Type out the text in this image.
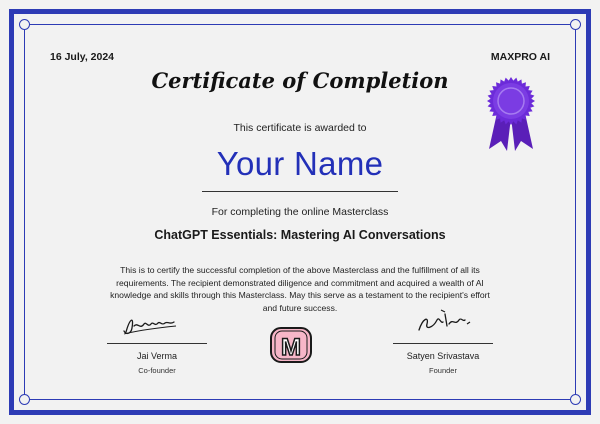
16 July, 2024	MAXPRO AI
Certificate of Completion
This certificate is awarded to
Your Name
For completing the online Masterclass
ChatGPT Essentials: Mastering AI Conversations
This is to certify the successful completion of the above Masterclass and the fulfillment of all its requirements. The recipient demonstrated diligence and commitment and acquired a wealth of AI knowledge and skills through this Masterclass. May this serve as a testament to the recipient's effort and future success.
Jai Verma
Co-founder
M	Satyen Srivastava
Founder
